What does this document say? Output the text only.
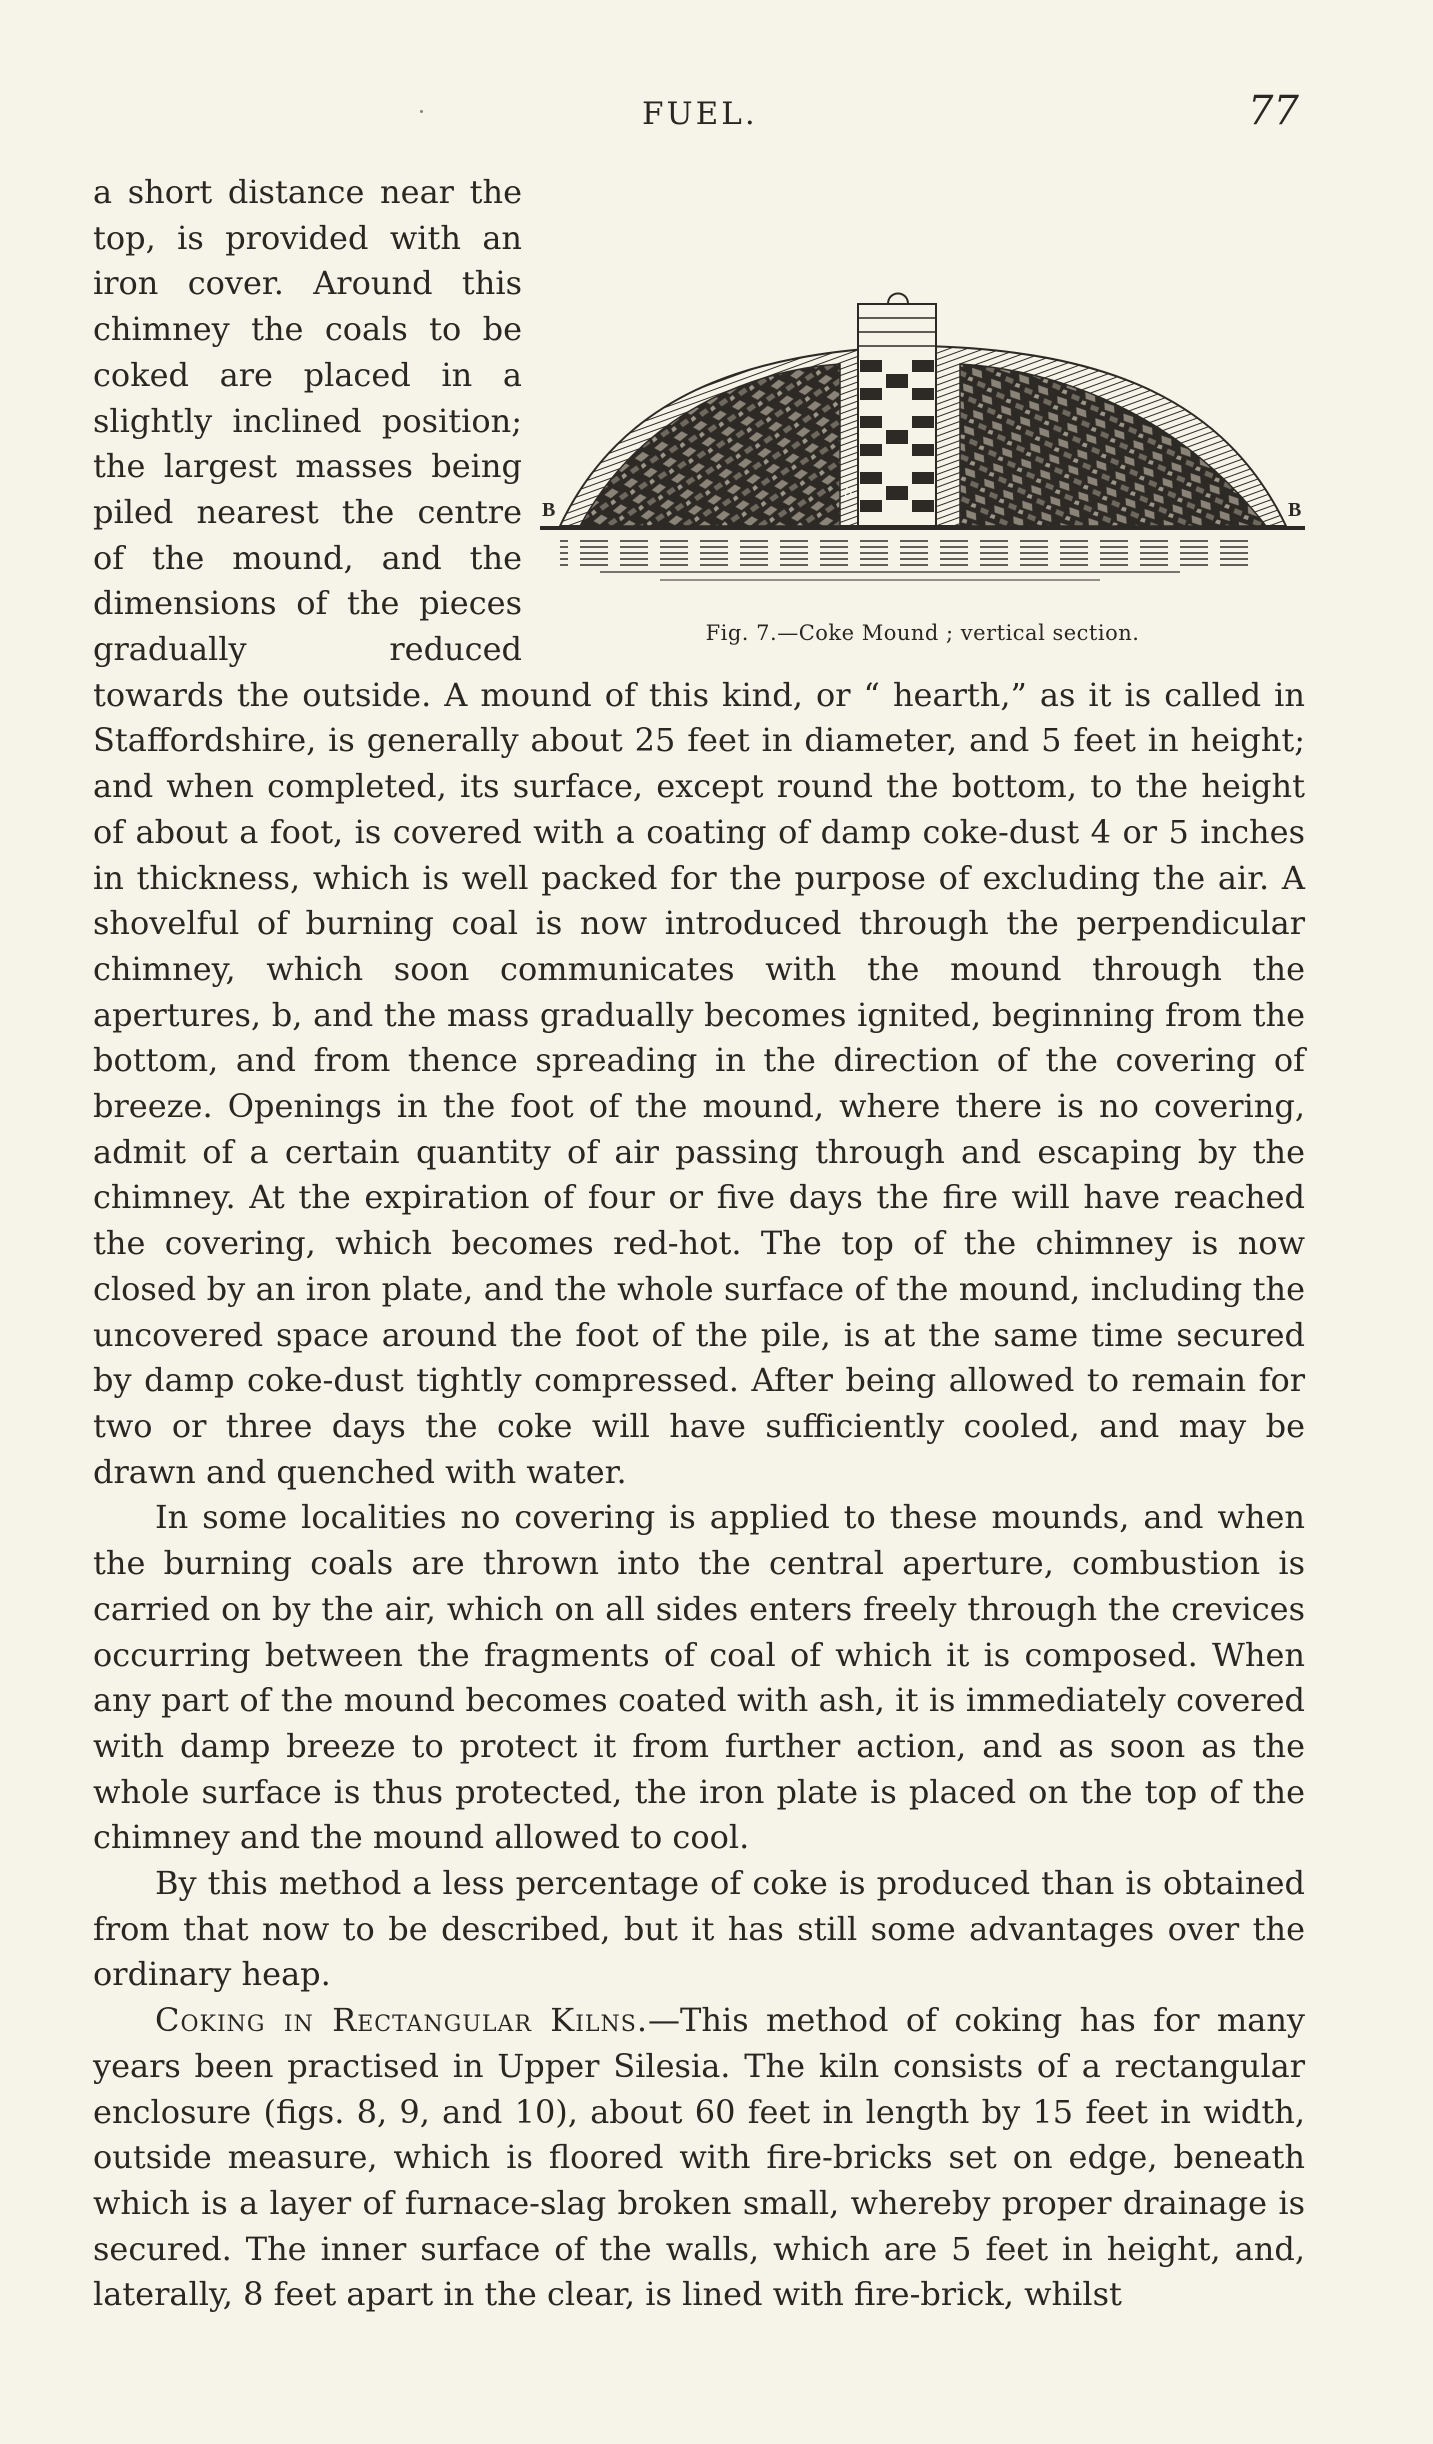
FUEL.	77
B	B
b
Fig. 7.—Coke Mound ; vertical section.

a short distance near the top, is provided with an iron cover. Around this chimney the coals to be coked are placed in a slightly inclined position; the largest masses being piled nearest the centre of the mound, and the dimensions of the pieces gradually reduced towards the outside. A mound of this kind, or “ hearth,” as it is called in Staffordshire, is generally about 25 feet in diameter, and 5 feet in height; and when completed, its surface, except round the bottom, to the height of about a foot, is covered with a coating of damp coke-dust 4 or 5 inches in thickness, which is well packed for the purpose of excluding the air. A shovelful of burning coal is now introduced through the perpendicular chimney, which soon communicates with the mound through the apertures, b, and the mass gradually becomes ignited, beginning from the bottom, and from thence spreading in the direction of the covering of breeze. Openings in the foot of the mound, where there is no covering, admit of a certain quantity of air passing through and escaping by the chimney. At the expiration of four or five days the fire will have reached the covering, which becomes red-hot. The top of the chimney is now closed by an iron plate, and the whole surface of the mound, including the uncovered space around the foot of the pile, is at the same time secured by damp coke-dust tightly compressed. After being allowed to remain for two or three days the coke will have sufficiently cooled, and may be drawn and quenched with water.

In some localities no covering is applied to these mounds, and when the burning coals are thrown into the central aperture, combustion is carried on by the air, which on all sides enters freely through the crevices occurring between the fragments of coal of which it is composed. When any part of the mound becomes coated with ash, it is immediately covered with damp breeze to protect it from further action, and as soon as the whole surface is thus protected, the iron plate is placed on the top of the chimney and the mound allowed to cool.

By this method a less percentage of coke is produced than is obtained from that now to be described, but it has still some advantages over the ordinary heap.

Coking in Rectangular Kilns.—This method of coking has for many years been practised in Upper Silesia. The kiln consists of a rectangular enclosure (figs. 8, 9, and 10), about 60 feet in length by 15 feet in width, outside measure, which is floored with fire-bricks set on edge, beneath which is a layer of furnace-slag broken small, whereby proper drainage is secured. The inner surface of the walls, which are 5 feet in height, and, laterally, 8 feet apart in the clear, is lined with fire-brick, whilst
